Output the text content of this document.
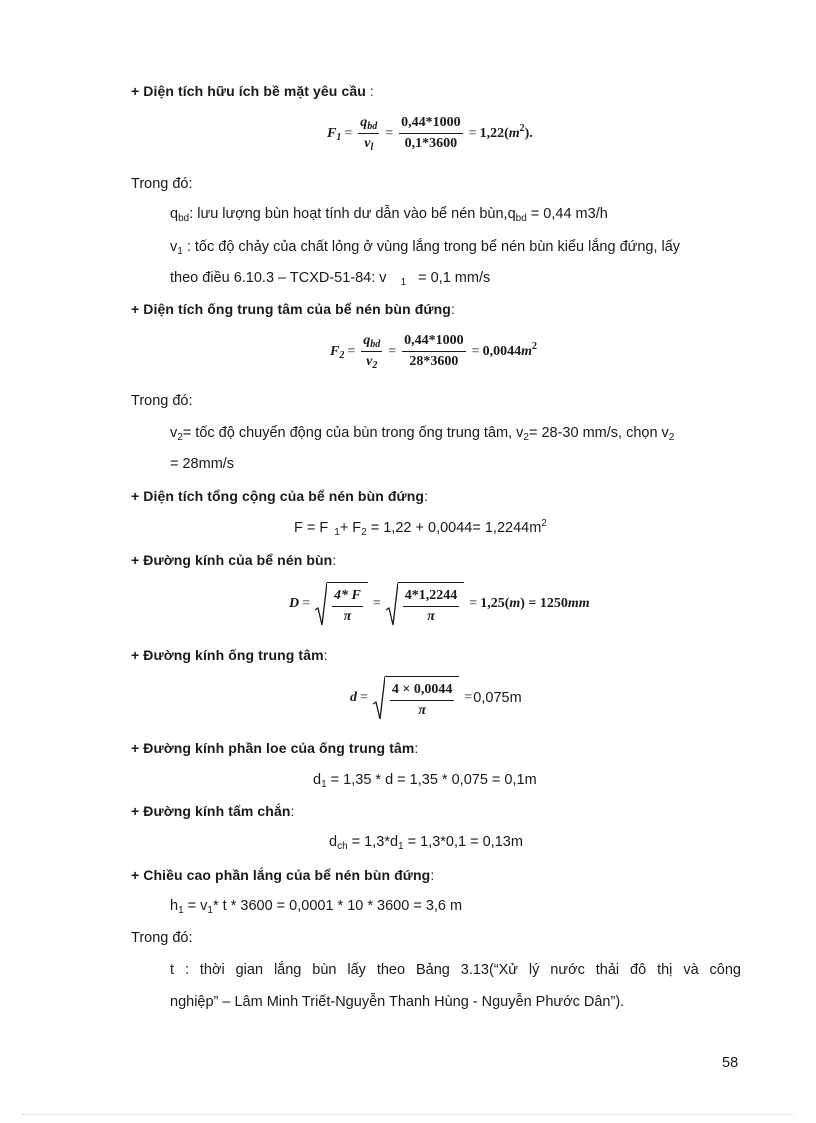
+ Diện tích hữu ích bề mặt yêu cầu :
$F_1 = \frac{q_{bd}}{v_l} = \frac{0,44*1000}{0,1*3600} = 1,22(m^2)$.
Trong đó:
$q_{bd}$: lưu lượng bùn hoạt tính dư dẫn vào bể nén $bùn,q_{bd} = 0,44$ m3/h
$v_1$ : tốc độ chảy của chất lỏng ở vùng lắng trong bể nén bùn kiểu lắng đứng, lấy
theo điều 6.10.3 – TCXD-51-84: v $_1$ = 0,1 mm/s
+ Diện tích ống trung tâm của bể nén bùn đứng:
$F_2 = \frac{q_{bd}}{v_2} = \frac{0,44*1000}{28*3600} = 0,0044m^2$
Trong đó:
$v_2=$ tốc độ chuyển động của bùn trong ống trung tâm, $v_2= 28-30$ mm/s, chọn $v_2$
= 28mm/s
+ Diện tích tổng cộng của bể nén bùn đứng:
F = F $_1+ F_2 = 1,22 + 0,0044= 1,2244m^2$
+ Đường kính của bể nén bùn:
$D = \frac{4* F}{\pi} = \frac{4*1,2244}{\pi} = 1,25(m) = 1250mm$
+ Đường kính ống trung tâm:
$d = \frac{4 \times 0,0044}{\pi} = 0,075m$
+ Đường kính phần loe của ống trung tâm:
$d_1 = 1,35 * d = 1,35 * 0,075 = 0,1m$
+ Đường kính tấm chắn:
$d_{ch} = 1,3*d_1 = 1,3*0,1 = 0,13m$
+ Chiều cao phần lắng của bể nén bùn đứng:
$h_1 = v_1*$ t * 3600 = 0,0001 * 10 * 3600 = 3,6 m
Trong đó:
t : thời gian lắng bùn lấy theo Bảng 3.13(“Xử lý nước thải đô thị và công
nghiệp” – Lâm Minh Triết-Nguyễn Thanh Hùng - Nguyễn Phước Dân”).
58
